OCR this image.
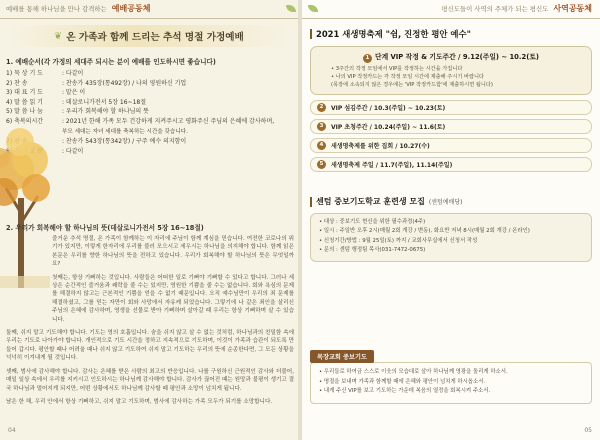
예배를 통해 하나님을 만나 감격하는 예배공동체
❦ 온 가족과 함께 드리는 추석 명절 가정예배
1. 예배순서(각 가정의 세대주 되시는 분이 예배를 인도하시면 좋습니다)
1) 묵 상 기 도	: 다같이
2) 찬 송	: 찬송가 435장(통492장) / 나의 영원하신 기업
3) 대 표 기 도	: 맡은 이
4) 말 씀 읽 기	: 데살로니가전서 5장 16~18절
5) 말 씀 나 눔	: 우리가 회복해야 할 하나님의 뜻
6) 축복의시간	: 2021년 한해 가족 모두 건강하게 지켜주시고 평화주신 주님의 은혜에 감사하며,
부모 세대는 자녀 세대를 축복하는 시간을 갖습니다.
: 찬송가 543장(통342장) / 구주 예수 의지함이
: 다같이
2. 우리가 회복해야 할 하나님의 뜻(데살로니가전서 5장 16~18절)

즐거운 추석 명절, 온 가족이 함께하는 이 자리에 주님이 함께 계심을 믿습니다. 여전한 코로나의 위기가 있지만, 이렇게 한자리에 우리를 불러 모으시고 세우시는 하나님을 의지해야 합니다. 함께 읽은 본문은 우리를 향한 하나님의 뜻을 전하고 있습니다. 우리가 회복해야 할 하나님의 뜻은 무엇일까요?

첫째는, 항상 기뻐하는 것입니다. 사람들은 어떠한 일로 기뻐야 기뻐할 수 있다고 합니다. 그러나 세상은 순간적인 즐거움과 쾌락을 줄 수는 있지만, 영원한 기쁨을 줄 수는 없습니다. 회와 욕심의 문제를 해결하지 않고는 근본적인 기쁨을 얻을 수 없기 때문입니다. 오직 예수님만이 우리의 죄 문제를 해결하셨고, 그를 믿는 자만이 회와 사망에서 자유케 되었습니다. 그렇기에 나 같은 죄인을 살리신 주님의 은혜에 감사하며, 영생을 선물로 받아 기뻐하며 살아갈 때 우리는 항상 기뻐하며 살 수 있습니다.

둘째, 쉬지 말고 기도해야 합니다. 기도는 영의 호흡입니다. 숨을 쉬지 않고 살 수 없는 것처럼, 하나님과의 친밀함 속에 우리는 기도로 나아가야 합니다. 개인적으로 기도 시간을 정하고 지속적으로 기도하며, 이것이 가족과 습관이 되도록 만들어 갑시다. 평안할 때나 어려울 때나 쉬지 않고 기도하여 쉬지 말고 기도하는 우리의 뜻에 순종한다면, 그 모든 상황을 넉넉히 이겨내게 될 것입니다.

셋째, 범사에 감사해야 합니다. 감사는 은혜를 받은 사람의 최고의 반응입니다. 나를 구원하신 근원적인 감사와 더불어, 매일 일상 속에서 우리를 지키시고 인도하시는 하나님께 감사해야 합니다. 감사가 끊어진 때는 원망과 불평이 생기고 결국 하나님과 멀어지게 되지만, 어떤 상황에서도 하나님께 감사할 때 평안과 소망이 넘치게 됩니다.

남은 한 해, 우리 안에서 항상 기뻐하고, 쉬지 말고 기도하며, 범사에 감사하는 가족 모두가 되기를 소망합니다.

04
평신도들이 사역의 주체가 되는 평신도 사역공동체
2021 새생명축제 "쉼, 진정한 평안 예수"
1 단계 VIP 작정 & 기도주간 / 9.12(주일) ~ 10.2(토)
• 3주간의 작정 모임에서 VIP를 작정하는 시간을 가집니다
• 나의 VIP 작정카드는 각 작정 모임 시간에 제출해 주시기 바랍니다
(목장에 소속되지 않은 경우에는 'VIP 작정카드함'에 제출하시면 됩니다)
2	VIP 섬김주간 / 10.3(주일) ~ 10.23(토)
3	VIP 초청주간 / 10.24(주일) ~ 11.6(토)
4	새생명축제를 위한 집회 / 10.27(수)
5	새생명축제 주일 / 11.7(주일), 11.14(주일)
센텀 중보기도학교 훈련생 모집 (센텀예배당)
• 대상 : 중보기도 현신을 위한 필수과정(4주)
• 일시 : 주일반 오후 2시(매월 2회 개강 / 변동), 화요반 저녁 8시(매월 2회 개강 / 온라인)
• 신청기간/방법 : 9월 25일(토) 까지 / 교회사무실에서 신청서 작성
• 문의 : 센텀 행정팀 목사(031-7472-0675)
목장교회 중보기도
• 우리들로 하여금 스스로 이웃의 모습대로 살아 하나님께 영광을 돌리게 하소서.
• 명절을 보내며 가족과 함께할 때에 은혜와 평안이 넘치게 하시옵소서.
• 내게 주신 VIP를 보고 기도하는 가운데 복음의 열정을 회복시켜 주소서.
05
